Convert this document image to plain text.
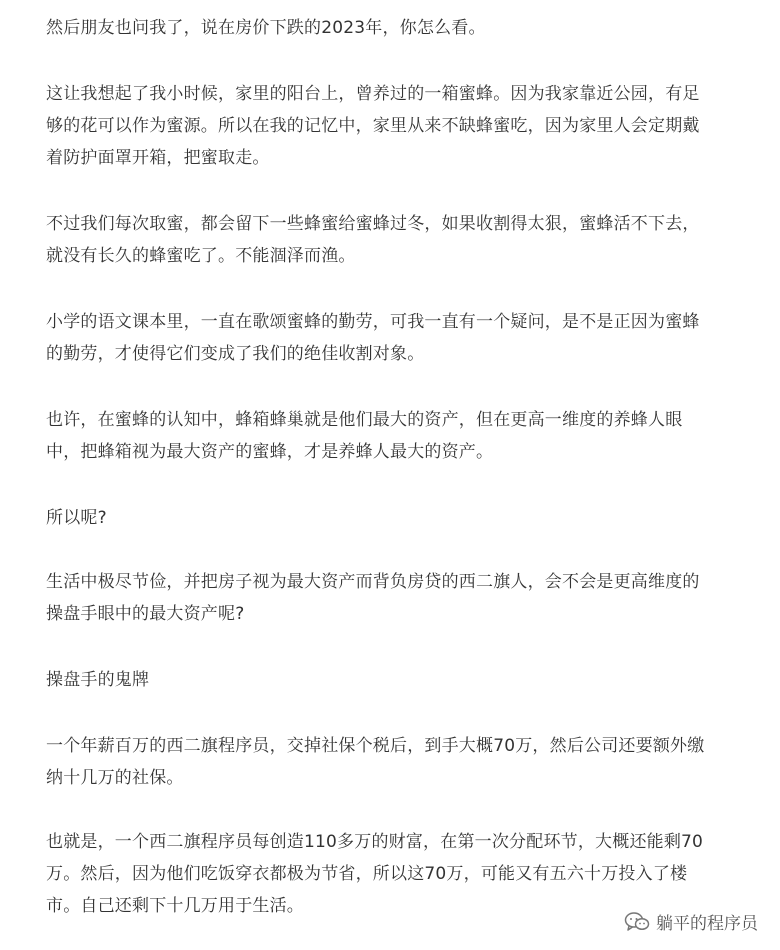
然后朋友也问我了，说在房价下跌的2023年，你怎么看。

这让我想起了我小时候，家里的阳台上，曾养过的一箱蜜蜂。因为我家靠近公园，有足
够的花可以作为蜜源。所以在我的记忆中，家里从来不缺蜂蜜吃，因为家里人会定期戴
着防护面罩开箱，把蜜取走。

不过我们每次取蜜，都会留下一些蜂蜜给蜜蜂过冬，如果收割得太狠，蜜蜂活不下去，
就没有长久的蜂蜜吃了。不能涸泽而渔。

小学的语文课本里，一直在歌颂蜜蜂的勤劳，可我一直有一个疑问，是不是正因为蜜蜂
的勤劳，才使得它们变成了我们的绝佳收割对象。

也许，在蜜蜂的认知中，蜂箱蜂巢就是他们最大的资产，但在更高一维度的养蜂人眼
中，把蜂箱视为最大资产的蜜蜂，才是养蜂人最大的资产。

所以呢?

生活中极尽节俭，并把房子视为最大资产而背负房贷的西二旗人，会不会是更高维度的
操盘手眼中的最大资产呢?

操盘手的鬼牌

一个年薪百万的西二旗程序员，交掉社保个税后，到手大概70万，然后公司还要额外缴
纳十几万的社保。

也就是，一个西二旗程序员每创造110多万的财富，在第一次分配环节，大概还能剩70
万。然后，因为他们吃饭穿衣都极为节省，所以这70万，可能又有五六十万投入了楼
市。自己还剩下十几万用于生活。

躺平的程序员
